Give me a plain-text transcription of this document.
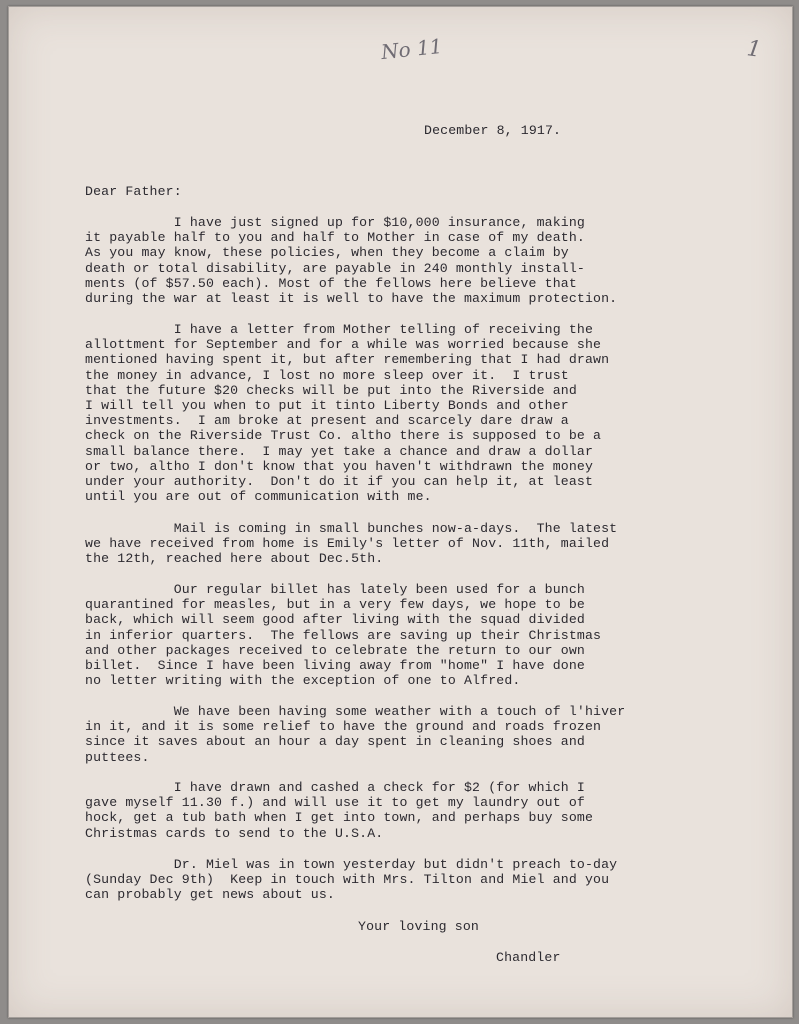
No 11	1

December 8, 1917.

Dear Father:

I have just signed up for $10,000 insurance, making
it payable half to you and half to Mother in case of my death.
As you may know, these policies, when they become a claim by
death or total disability, are payable in 240 monthly install-
ments (of $57.50 each). Most of the fellows here believe that
during the war at least it is well to have the maximum protection.

I have a letter from Mother telling of receiving the
allottment for September and for a while was worried because she
mentioned having spent it, but after remembering that I had drawn
the money in advance, I lost no more sleep over it.  I trust
that the future $20 checks will be put into the Riverside and
I will tell you when to put it tinto Liberty Bonds and other
investments.  I am broke at present and scarcely dare draw a
check on the Riverside Trust Co. altho there is supposed to be a
small balance there.  I may yet take a chance and draw a dollar
or two, altho I don't know that you haven't withdrawn the money
under your authority.  Don't do it if you can help it, at least
until you are out of communication with me.

Mail is coming in small bunches now-a-days.  The latest
we have received from home is Emily's letter of Nov. 11th, mailed
the 12th, reached here about Dec.5th.

Our regular billet has lately been used for a bunch
quarantined for measles, but in a very few days, we hope to be
back, which will seem good after living with the squad divided
in inferior quarters.  The fellows are saving up their Christmas
and other packages received to celebrate the return to our own
billet.  Since I have been living away from "home" I have done
no letter writing with the exception of one to Alfred.

We have been having some weather with a touch of l'hiver
in it, and it is some relief to have the ground and roads frozen
since it saves about an hour a day spent in cleaning shoes and
puttees.

I have drawn and cashed a check for $2 (for which I
gave myself 11.30 f.) and will use it to get my laundry out of
hock, get a tub bath when I get into town, and perhaps buy some
Christmas cards to send to the U.S.A.

Dr. Miel was in town yesterday but didn't preach to-day
(Sunday Dec 9th)  Keep in touch with Mrs. Tilton and Miel and you
can probably get news about us.

Your loving son

Chandler
